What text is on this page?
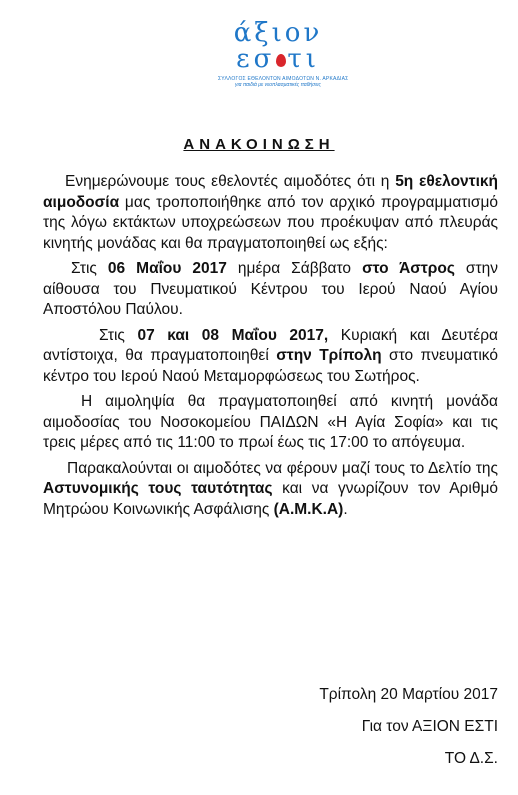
άξιον
εσ τι
ΣΥΛΛΟΓΟΣ ΕΘΕΛΟΝΤΩΝ ΑΙΜΟΔΟΤΩΝ Ν. ΑΡΚΑΔΙΑΣ
για παιδιά με νεοπλασματικές παθήσεις
ΑΝΑΚΟΙΝΩΣΗ

Ενημερώνουμε τους εθελοντές αιμοδότες ότι η 5η εθελοντική αιμοδοσία μας τροποποιήθηκε από τον αρχικό προγραμματισμό της λόγω εκτάκτων υποχρεώσεων που προέκυψαν από πλευράς κινητής μονάδας και θα πραγματοποιηθεί ως εξής:

Στις 06 Μαΐου 2017 ημέρα Σάββατο στο Άστρος στην αίθουσα του Πνευματικού Κέντρου του Ιερού Ναού Αγίου Αποστόλου Παύλου.

Στις 07 και 08 Μαΐου 2017, Κυριακή και Δευτέρα αντίστοιχα, θα πραγματοποιηθεί στην Τρίπολη στο πνευματικό κέντρο του Ιερού Ναού Μεταμορφώσεως του Σωτήρος.

Η αιμοληψία θα πραγματοποιηθεί από κινητή μονάδα αιμοδοσίας του Νοσοκομείου ΠΑΙΔΩΝ «Η Αγία Σοφία» και τις τρεις μέρες από τις 11:00 το πρωί έως τις 17:00 το απόγευμα.

Παρακαλούνται οι αιμοδότες να φέρουν μαζί τους το Δελτίο της Αστυνομικής τους ταυτότητας και να γνωρίζουν τον Αριθμό Μητρώου Κοινωνικής Ασφάλισης (Α.Μ.Κ.Α).

Τρίπολη 20 Μαρτίου 2017
Για τον ΑΞΙΟΝ ΕΣΤΙ
ΤΟ Δ.Σ.
